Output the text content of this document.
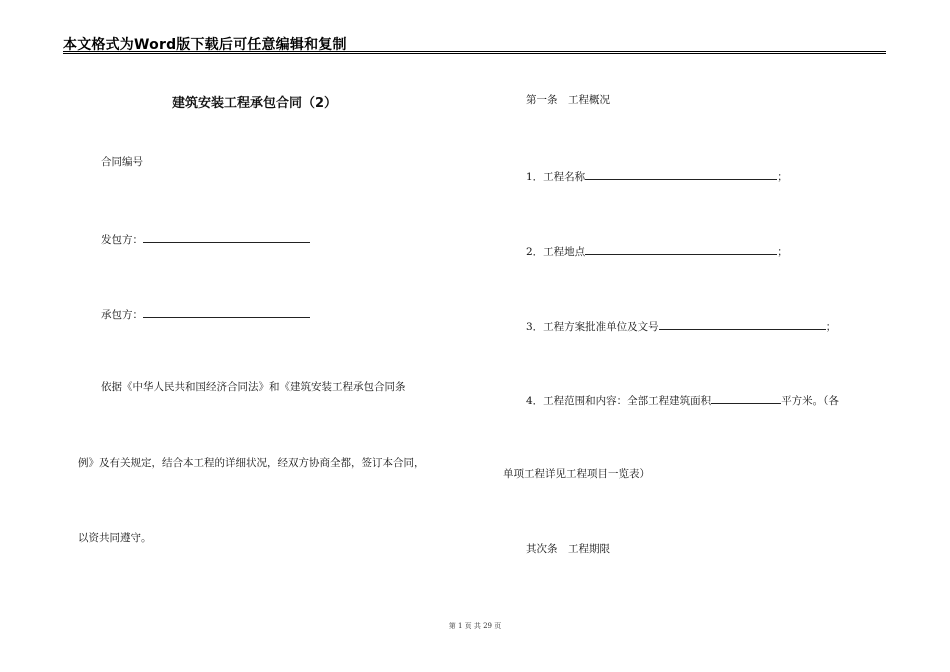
本文格式为Word版下载后可任意编辑和复制
建筑安装工程承包合同（2）
合同编号
发包方：
承包方：
依据《中华人民共和国经济合同法》和《建筑安装工程承包合同条
例》及有关规定，结合本工程的详细状况，经双方协商全都，签订本合同，
以资共同遵守。
第一条　工程概况
1．工程名称	；
2．工程地点	；
3．工程方案批准单位及文号	；
4．工程范围和内容：全部工程建筑面积	平方米。（各
单项工程详见工程项目一览表）
其次条　工程期限
第 1 页 共 29 页
